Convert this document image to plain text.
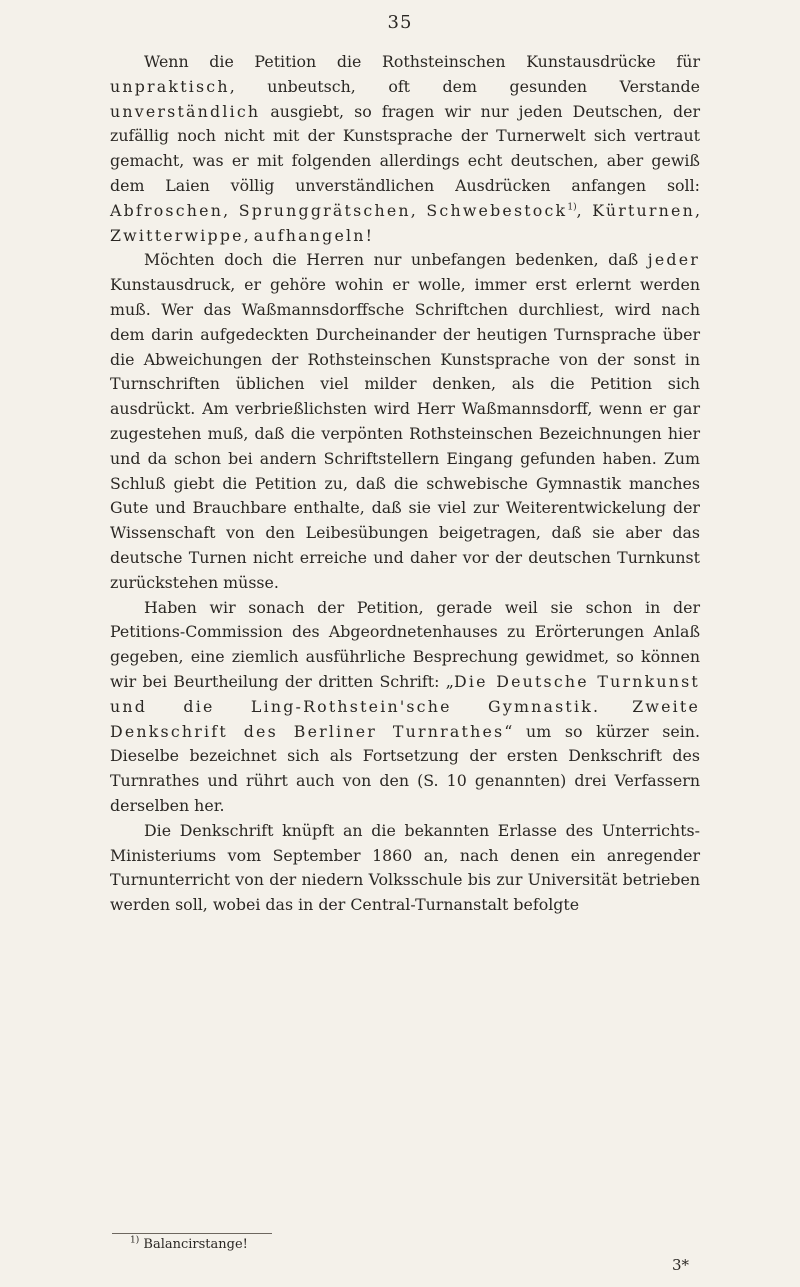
35

Wenn die Petition die Rothsteinschen Kunstausdrücke für unpraktisch, unbeutsch, oft dem gesunden Verstande unverständlich ausgiebt, so fragen wir nur jeden Deutschen, der zufällig noch nicht mit der Kunstsprache der Turnerwelt sich vertraut gemacht, was er mit folgenden allerdings echt deutschen, aber gewiß dem Laien völlig unverständlichen Ausdrücken anfangen soll: Abfroschen, Sprunggrätschen, Schwebestock$^{1)}$, Kürturnen, Zwitterwippe, aufhangeln!

Möchten doch die Herren nur unbefangen bedenken, daß jeder Kunstausdruck, er gehöre wohin er wolle, immer erst erlernt werden muß. Wer das Waßmannsdorffsche Schriftchen durchliest, wird nach dem darin aufgedeckten Durcheinander der heutigen Turnsprache über die Abweichungen der Rothsteinschen Kunstsprache von der sonst in Turnschriften üblichen viel milder denken, als die Petition sich ausdrückt. Am verbrießlichsten wird Herr Waßmannsdorff, wenn er gar zugestehen muß, daß die verpönten Rothsteinschen Bezeichnungen hier und da schon bei andern Schriftstellern Eingang gefunden haben. Zum Schluß giebt die Petition zu, daß die schwebische Gymnastik manches Gute und Brauchbare enthalte, daß sie viel zur Weiterentwickelung der Wissenschaft von den Leibesübungen beigetragen, daß sie aber das deutsche Turnen nicht erreiche und daher vor der deutschen Turnkunst zurückstehen müsse.

Haben wir sonach der Petition, gerade weil sie schon in der Petitions-Commission des Abgeordnetenhauses zu Erörterungen Anlaß gegeben, eine ziemlich ausführliche Besprechung gewidmet, so können wir bei Beurtheilung der dritten Schrift: „Die Deutsche Turnkunst und die Ling-Rothstein'sche Gymnastik. Zweite Denkschrift des Berliner Turnrathes“ um so kürzer sein. Dieselbe bezeichnet sich als Fortsetzung der ersten Denkschrift des Turnrathes und rührt auch von den (S. 10 genannten) drei Verfassern derselben her.

Die Denkschrift knüpft an die bekannten Erlasse des Unterrichts-Ministeriums vom September 1860 an, nach denen ein anregender Turnunterricht von der niedern Volksschule bis zur Universität betrieben werden soll, wobei das in der Central-Turnanstalt befolgte

$^{1)}$ Balancirstange!
3*
